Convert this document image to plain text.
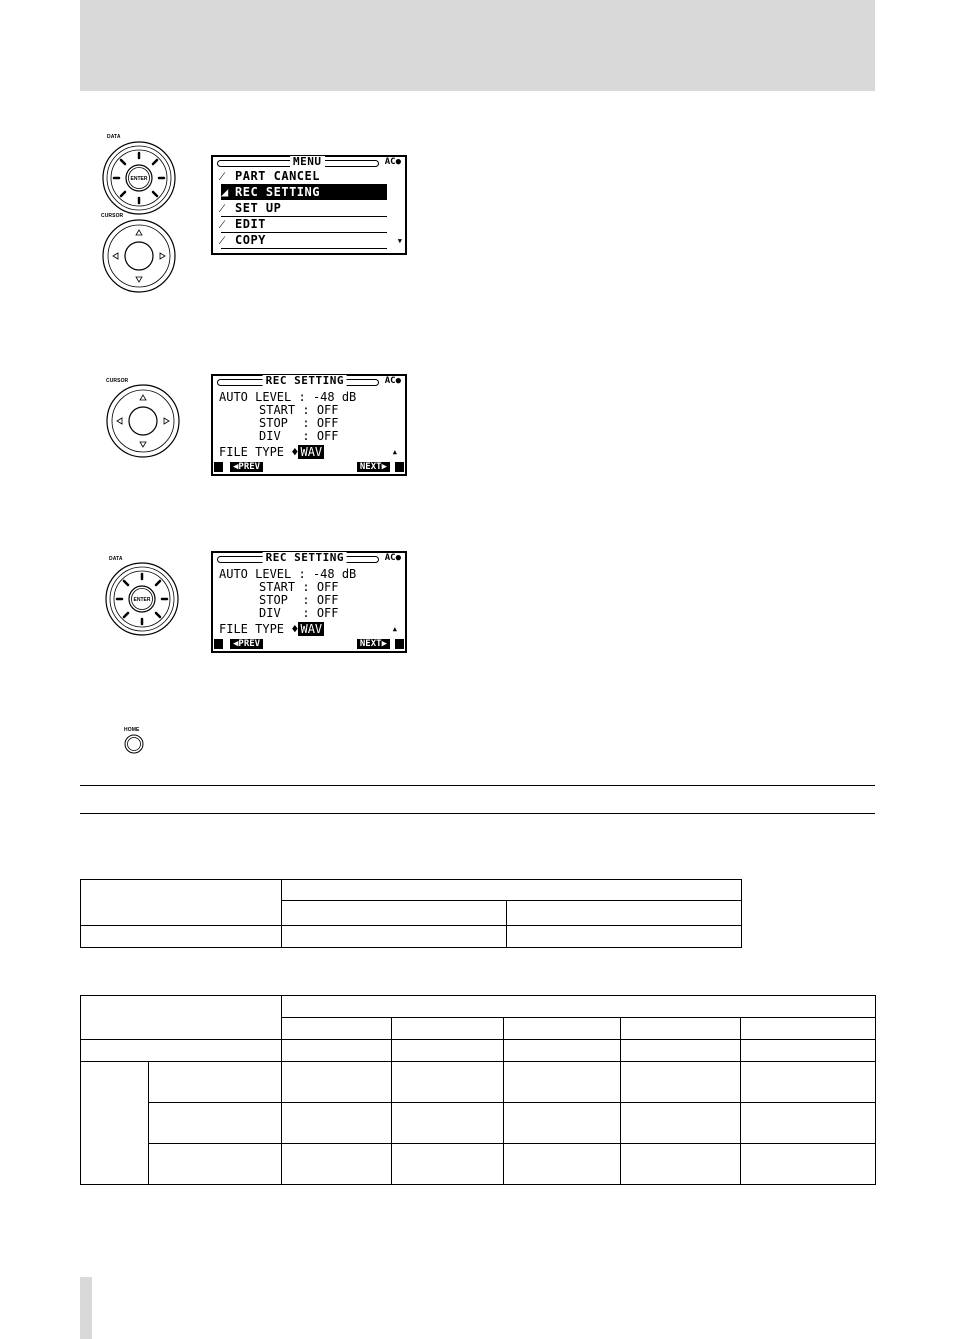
DATA
ENTER
CURSOR
MENU	AC●
⁄ PART CANCEL
◢ REC SETTING
⁄ SET UP
⁄ EDIT
⁄ COPY	▼
CURSOR	REC SETTING	AC●
AUTO LEVEL : -48 dB
START : OFF
STOP  : OFF
DIV   : OFF
FILE TYPE ♦ WAV	▲
◀PREV	NEXT▶
DATA
ENTER
REC SETTING	AC●
AUTO LEVEL : -48 dB
START : OFF
STOP  : OFF
DIV   : OFF
FILE TYPE ♦ WAV	▲
◀PREV	NEXT▶
HOME
